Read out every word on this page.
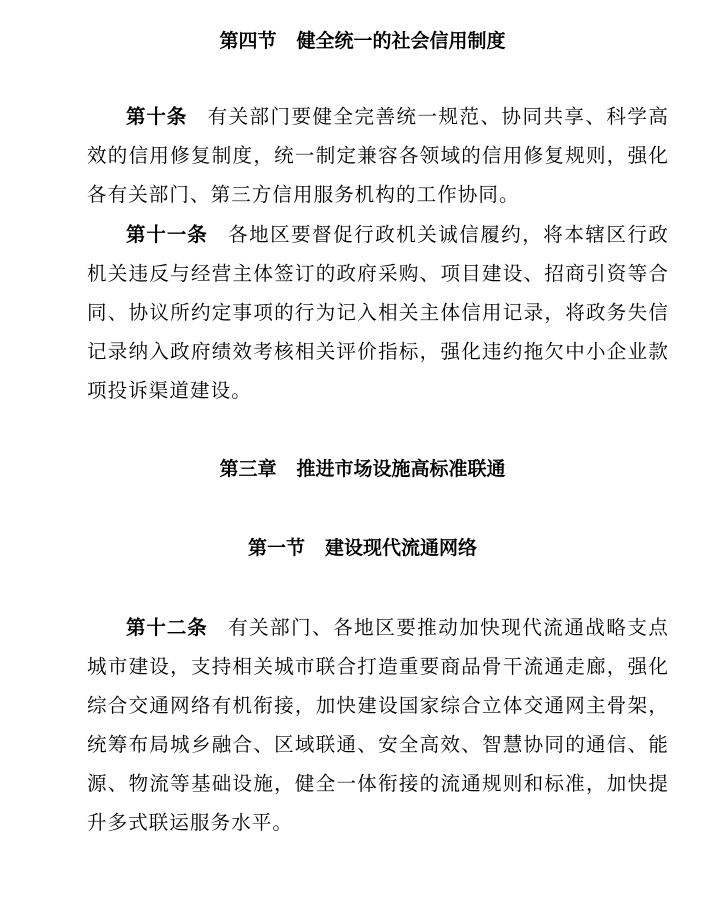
第四节 健全统一的社会信用制度

第十条 有关部门要健全完善统一规范、协同共享、科学高效的信用修复制度，统一制定兼容各领域的信用修复规则，强化各有关部门、第三方信用服务机构的工作协同。

第十一条 各地区要督促行政机关诚信履约，将本辖区行政机关违反与经营主体签订的政府采购、项目建设、招商引资等合同、协议所约定事项的行为记入相关主体信用记录，将政务失信记录纳入政府绩效考核相关评价指标，强化违约拖欠中小企业款项投诉渠道建设。

第三章 推进市场设施高标准联通
第一节 建设现代流通网络

第十二条 有关部门、各地区要推动加快现代流通战略支点城市建设，支持相关城市联合打造重要商品骨干流通走廊，强化综合交通网络有机衔接，加快建设国家综合立体交通网主骨架，统筹布局城乡融合、区域联通、安全高效、智慧协同的通信、能源、物流等基础设施，健全一体衔接的流通规则和标准，加快提升多式联运服务水平。
